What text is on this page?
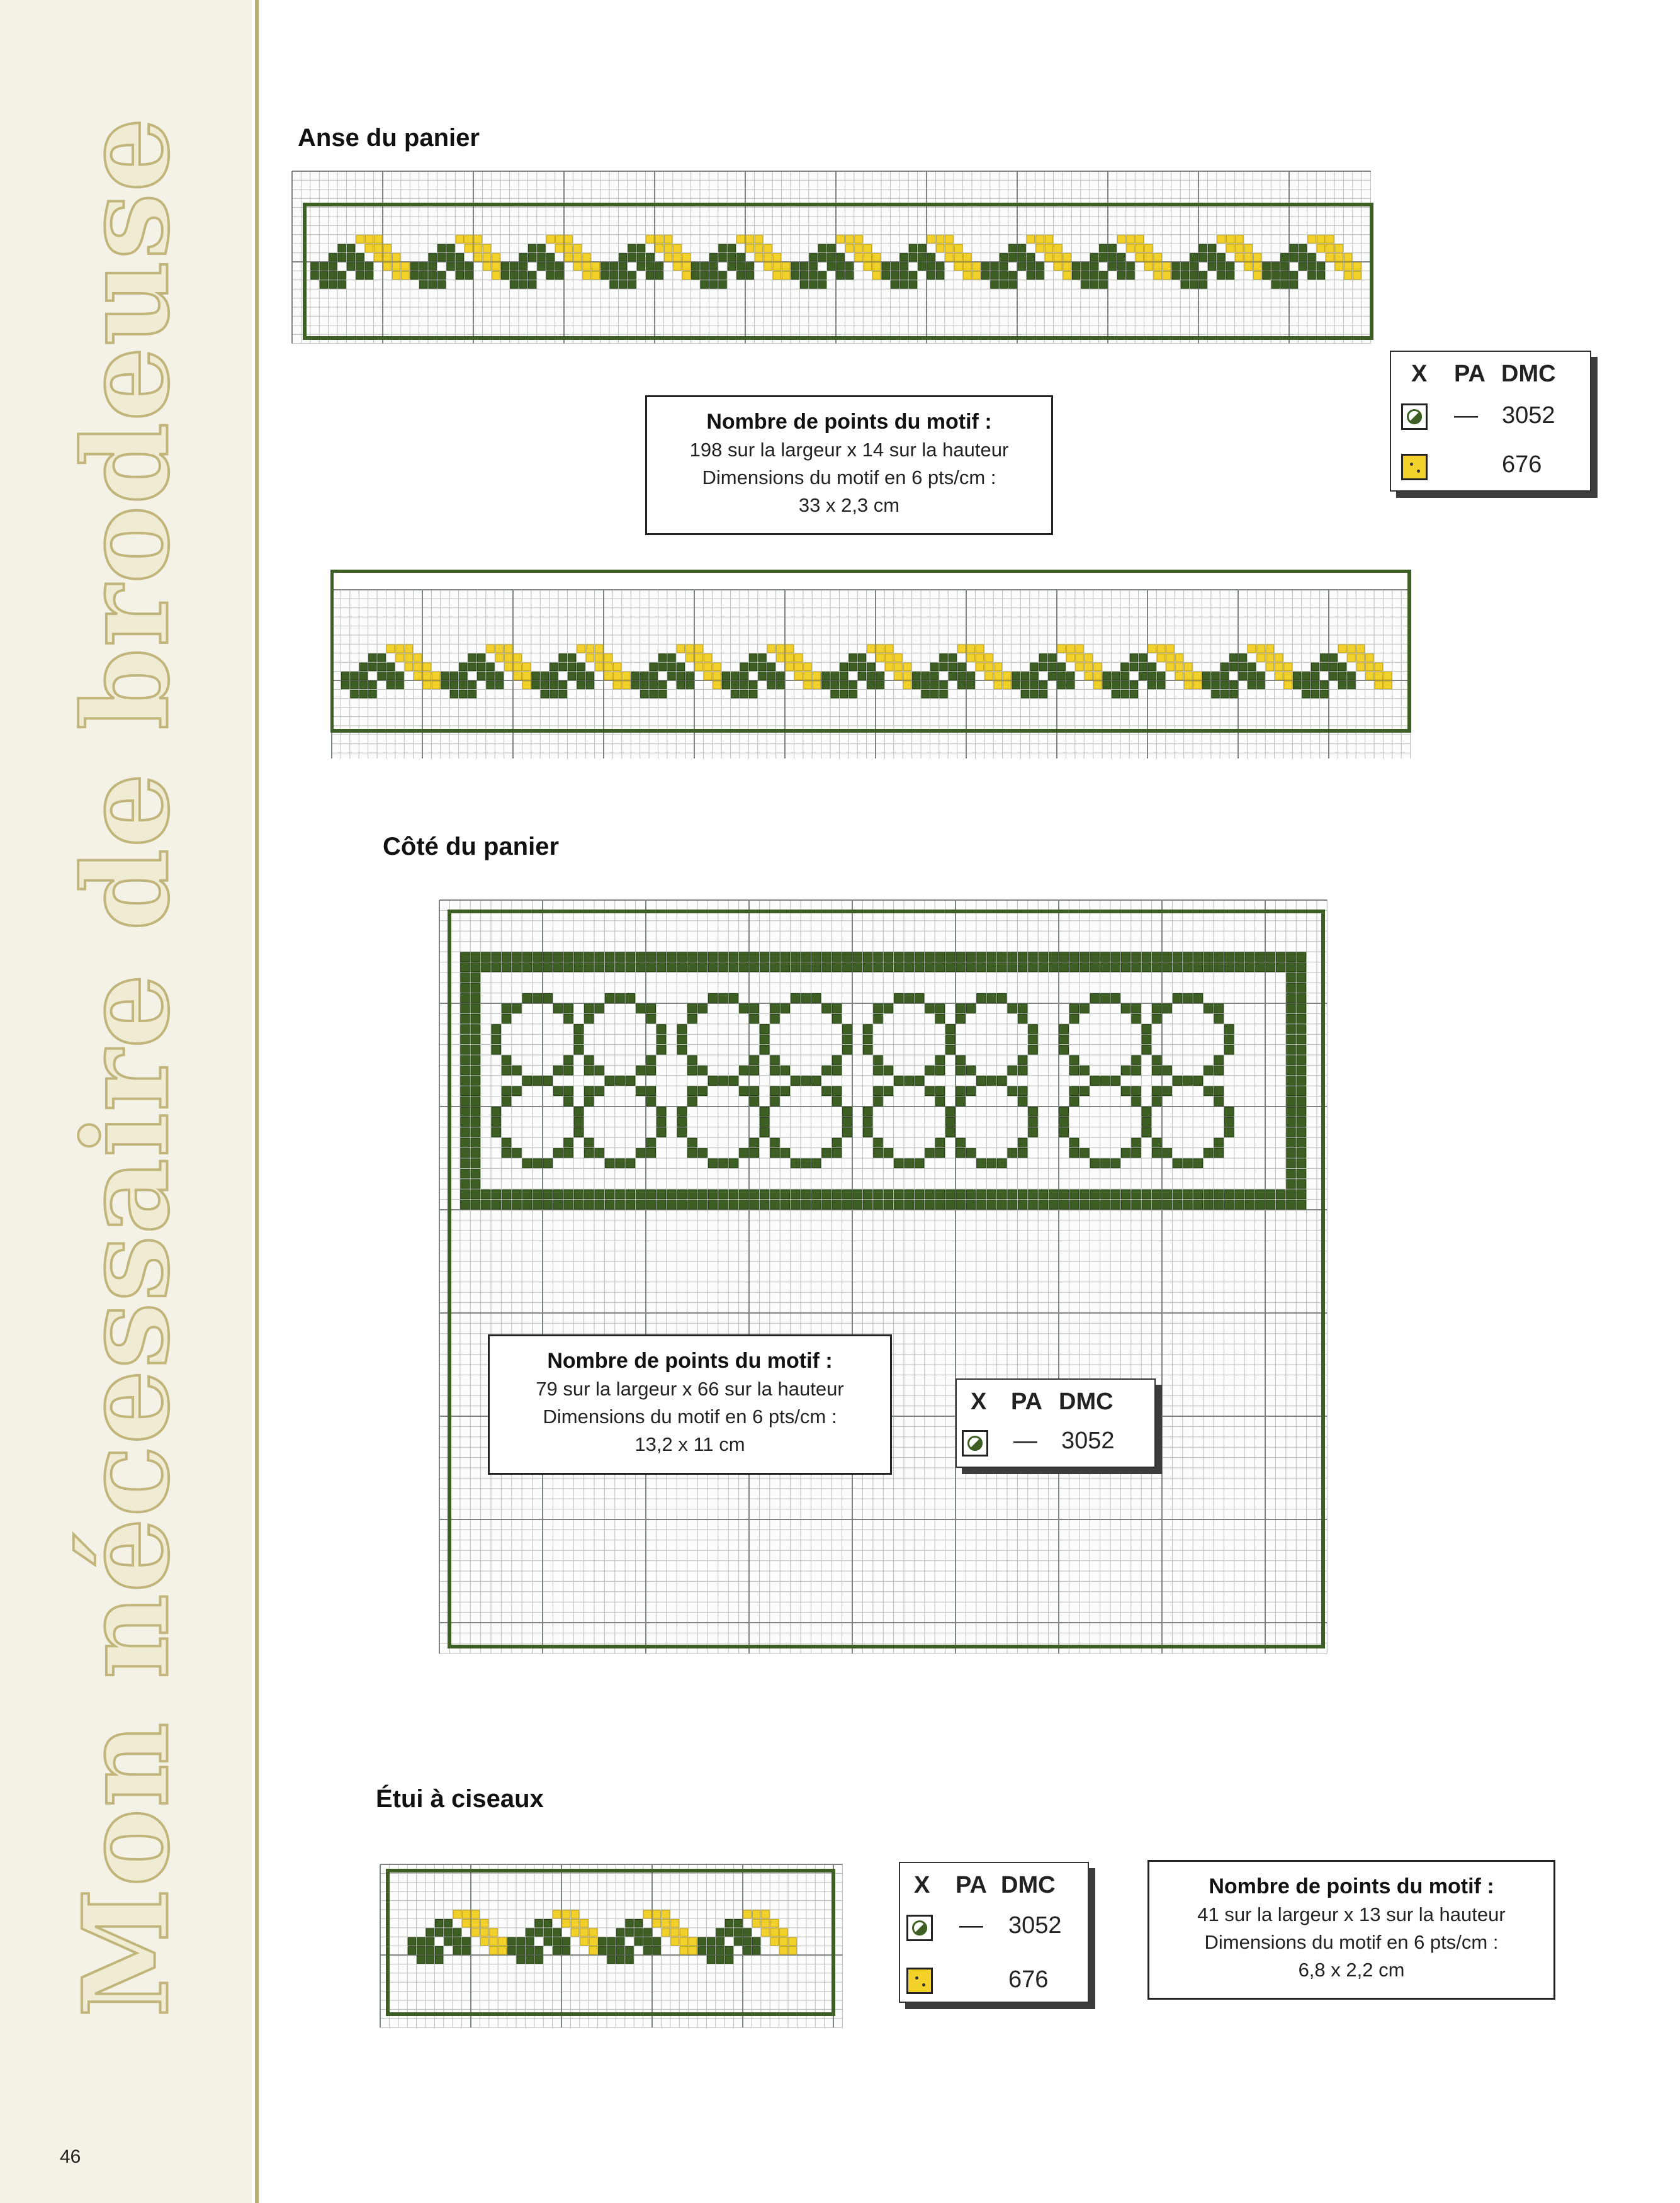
Mon nécessaire de brodeuse
46
Anse du panier
Nombre de points du motif :
198 sur la largeur x 14 sur la hauteur
Dimensions du motif en 6 pts/cm :
33 x 2,3 cm
X PA DMC
— 3052
676
Côté du panier
Nombre de points du motif :
79 sur la largeur x 66 sur la hauteur
Dimensions du motif en 6 pts/cm :
13,2 x 11 cm
X PA DMC
— 3052
Étui à ciseaux
X PA DMC
— 3052
676
Nombre de points du motif :
41 sur la largeur x 13 sur la hauteur
Dimensions du motif en 6 pts/cm :
6,8 x 2,2 cm
